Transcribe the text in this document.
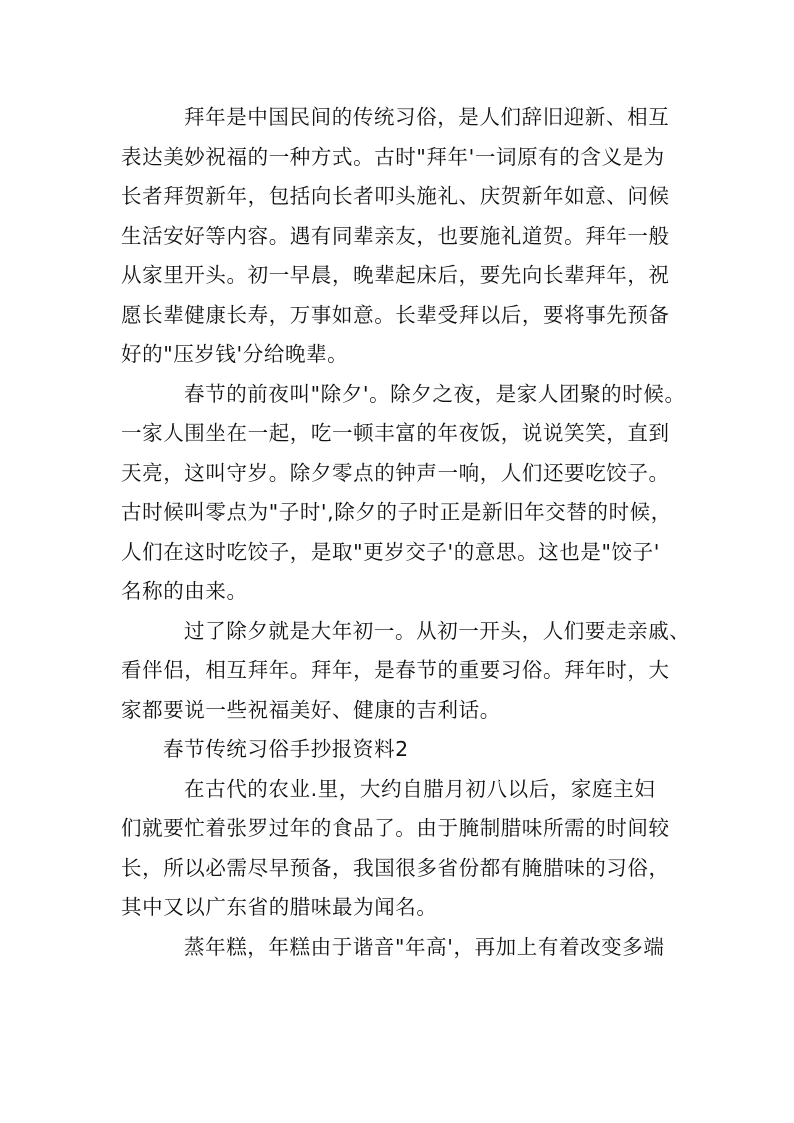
拜年是中国民间的传统习俗，是人们辞旧迎新、相互
表达美妙祝福的一种方式。古时"拜年'一词原有的含义是为
长者拜贺新年，包括向长者叩头施礼、庆贺新年如意、问候
生活安好等内容。遇有同辈亲友，也要施礼道贺。拜年一般
从家里开头。初一早晨，晚辈起床后，要先向长辈拜年，祝
愿长辈健康长寿，万事如意。长辈受拜以后，要将事先预备
好的"压岁钱'分给晚辈。
春节的前夜叫"除夕'。除夕之夜，是家人团聚的时候。
一家人围坐在一起，吃一顿丰富的年夜饭，说说笑笑，直到
天亮，这叫守岁。除夕零点的钟声一响，人们还要吃饺子。
古时候叫零点为"子时',除夕的子时正是新旧年交替的时候，
人们在这时吃饺子，是取"更岁交子'的意思。这也是"饺子'
名称的由来。
过了除夕就是大年初一。从初一开头，人们要走亲戚、
看伴侣，相互拜年。拜年，是春节的重要习俗。拜年时，大
家都要说一些祝福美好、健康的吉利话。
春节传统习俗手抄报资料2
在古代的农业.里，大约自腊月初八以后，家庭主妇
们就要忙着张罗过年的食品了。由于腌制腊味所需的时间较
长，所以必需尽早预备，我国很多省份都有腌腊味的习俗，
其中又以广东省的腊味最为闻名。
蒸年糕，年糕由于谐音"年高'，再加上有着改变多端
